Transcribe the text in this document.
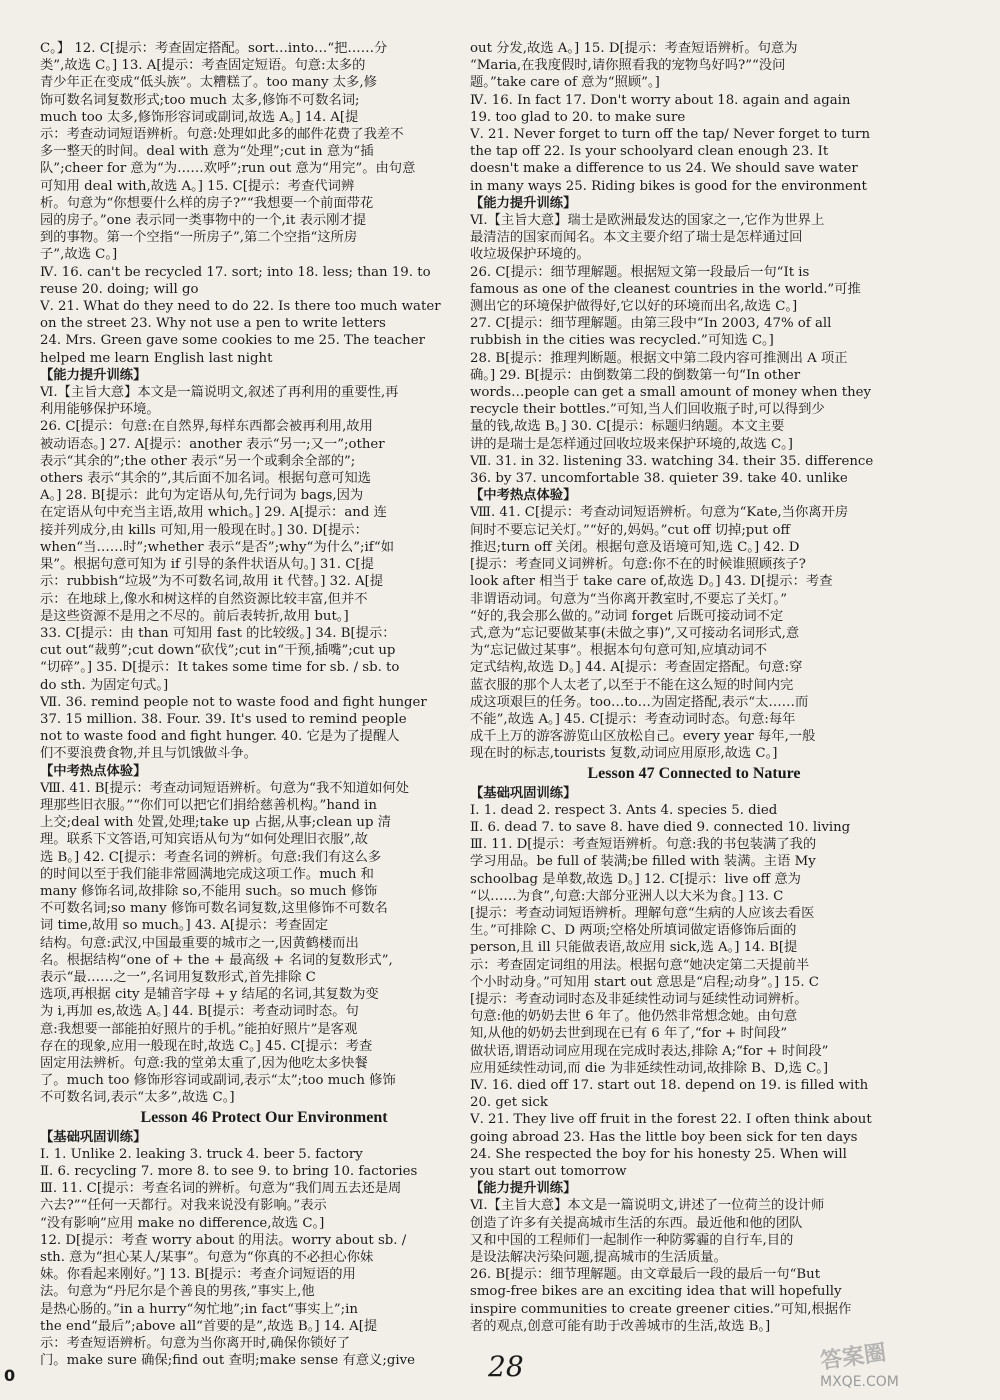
C。】 12. C[提示：考查固定搭配。sort…into…“把……分
类”,故选 C。] 13. A[提示：考查固定短语。句意:太多的
青少年正在变成“低头族”。太糟糕了。too many 太多,修
饰可数名词复数形式;too much 太多,修饰不可数名词;
much too 太多,修饰形容词或副词,故选 A。] 14. A[提
示：考查动词短语辨析。句意:处理如此多的邮件花费了我差不
多一整天的时间。deal with 意为“处理”;cut in 意为“插
队”;cheer for 意为“为……欢呼”;run out 意为“用完”。由句意
可知用 deal with,故选 A。] 15. C[提示：考查代词辨
析。句意为“你想要什么样的房子?”“我想要一个前面带花
园的房子。”one 表示同一类事物中的一个,it 表示刚才提
到的事物。第一个空指“一所房子”,第二个空指“这所房
子”,故选 C。]
Ⅳ. 16. can't be recycled 17. sort; into 18. less; than 19. to
reuse 20. doing; will go
Ⅴ. 21. What do they need to do 22. Is there too much water
on the street 23. Why not use a pen to write letters
24. Mrs. Green gave some cookies to me 25. The teacher
helped me learn English last night
【能力提升训练】
Ⅵ.【主旨大意】本文是一篇说明文,叙述了再利用的重要性,再
利用能够保护环境。
26. C[提示：句意:在自然界,每样东西都会被再利用,故用
被动语态。] 27. A[提示：another 表示“另一;又一”;other
表示“其余的”;the other 表示“另一个或剩余全部的”;
others 表示“其余的”,其后面不加名词。根据句意可知选
A。] 28. B[提示：此句为定语从句,先行词为 bags,因为
在定语从句中充当主语,故用 which。] 29. A[提示：and 连
接并列成分,由 kills 可知,用一般现在时。] 30. D[提示：
when“当……时”;whether 表示“是否”;why“为什么”;if“如
果”。根据句意可知为 if 引导的条件状语从句。] 31. C[提
示：rubbish“垃圾”为不可数名词,故用 it 代替。] 32. A[提
示：在地球上,像水和树这样的自然资源比较丰富,但并不
是这些资源不是用之不尽的。前后表转折,故用 but。]
33. C[提示：由 than 可知用 fast 的比较级。] 34. B[提示：
cut out“裁剪”;cut down“砍伐”;cut in“干预,插嘴”;cut up
“切碎”。] 35. D[提示：It takes some time for sb. / sb. to
do sth. 为固定句式。]
Ⅶ. 36. remind people not to waste food and fight hunger
37. 15 million. 38. Four. 39. It's used to remind people
not to waste food and fight hunger. 40. 它是为了提醒人
们不要浪费食物,并且与饥饿做斗争。
【中考热点体验】
Ⅷ. 41. B[提示：考查动词短语辨析。句意为“我不知道如何处
理那些旧衣服。”“你们可以把它们捐给慈善机构。”hand in
上交;deal with 处置,处理;take up 占据,从事;clean up 清
理。联系下文答语,可知宾语从句为“如何处理旧衣服”,故
选 B。] 42. C[提示：考查名词的辨析。句意:我们有这么多
的时间以至于我们能非常圆满地完成这项工作。much 和
many 修饰名词,故排除 so,不能用 such。so much 修饰
不可数名词;so many 修饰可数名词复数,这里修饰不可数名
词 time,故用 so much。] 43. A[提示：考查固定
结构。句意:武汉,中国最重要的城市之一,因黄鹤楼而出
名。根据结构“one of + the + 最高级 + 名词的复数形式”,
表示“最……之一”,名词用复数形式,首先排除 C
选项,再根据 city 是辅音字母 + y 结尾的名词,其复数为变
为 i,再加 es,故选 A。] 44. B[提示：考查动词时态。句
意:我想要一部能拍好照片的手机。”能拍好照片”是客观
存在的现象,应用一般现在时,故选 C。] 45. C[提示：考查
固定用法辨析。句意:我的堂弟太重了,因为他吃太多快餐
了。much too 修饰形容词或副词,表示“太”;too much 修饰
不可数名词,表示“太多”,故选 C。]
Lesson 46 Protect Our Environment
【基础巩固训练】
Ⅰ. 1. Unlike 2. leaking 3. truck 4. beer 5. factory
Ⅱ. 6. recycling 7. more 8. to see 9. to bring 10. factories
Ⅲ. 11. C[提示：考查名词的辨析。句意为“我们周五去还是周
六去?”“任何一天都行。对我来说没有影响。”表示
“没有影响”应用 make no difference,故选 C。]
12. D[提示：考查 worry about 的用法。worry about sb. /
sth. 意为“担心某人/某事”。句意为“你真的不必担心你妹
妹。你看起来刚好。”] 13. B[提示：考查介词短语的用
法。句意为“丹尼尔是个善良的男孩,”事实上,他
是热心肠的。”in a hurry“匆忙地”;in fact“事实上”;in
the end“最后”;above all“首要的是”,故选 B。] 14. A[提
示：考查短语辨析。句意为当你离开时,确保你锁好了
门。make sure 确保;find out 查明;make sense 有意义;give
out 分发,故选 A。] 15. D[提示：考查短语辨析。句意为
“Maria,在我度假时,请你照看我的宠物鸟好吗?”“没问
题。”take care of 意为“照顾”。]
Ⅳ. 16. In fact 17. Don't worry about 18. again and again
19. too glad to 20. to make sure
Ⅴ. 21. Never forget to turn off the tap/ Never forget to turn
the tap off 22. Is your schoolyard clean enough 23. It
doesn't make a difference to us 24. We should save water
in many ways 25. Riding bikes is good for the environment
【能力提升训练】
Ⅵ.【主旨大意】瑞士是欧洲最发达的国家之一,它作为世界上
最清洁的国家而闻名。本文主要介绍了瑞士是怎样通过回
收垃圾保护环境的。
26. C[提示：细节理解题。根据短文第一段最后一句“It is
famous as one of the cleanest countries in the world.”可推
测出它的环境保护做得好,它以好的环境而出名,故选 C。]
27. C[提示：细节理解题。由第三段中“In 2003, 47% of all
rubbish in the cities was recycled.”可知选 C。]
28. B[提示：推理判断题。根据文中第二段内容可推测出 A 项正
确。] 29. B[提示：由倒数第二段的倒数第一句“In other
words…people can get a small amount of money when they
recycle their bottles.”可知,当人们回收瓶子时,可以得到少
量的钱,故选 B。] 30. C[提示：标题归纳题。本文主要
讲的是瑞士是怎样通过回收垃圾来保护环境的,故选 C。]
Ⅶ. 31. in 32. listening 33. watching 34. their 35. difference
36. by 37. uncomfortable 38. quieter 39. take 40. unlike
【中考热点体验】
Ⅷ. 41. C[提示：考查动词短语辨析。句意为“Kate,当你离开房
间时不要忘记关灯。”“好的,妈妈。”cut off 切掉;put off
推迟;turn off 关闭。根据句意及语境可知,选 C。] 42. D
[提示：考查同义词辨析。句意:你不在的时候谁照顾孩子?
look after 相当于 take care of,故选 D。] 43. D[提示：考查
非谓语动词。句意为“当你离开教室时,不要忘了关灯。”
“好的,我会那么做的。”动词 forget 后既可接动词不定
式,意为“忘记要做某事(未做之事)”,又可接动名词形式,意
为“忘记做过某事”。根据本句句意可知,应填动词不
定式结构,故选 D。] 44. A[提示：考查固定搭配。句意:穿
蓝衣服的那个人太老了,以至于不能在这么短的时间内完
成这项艰巨的任务。too…to…为固定搭配,表示“太……而
不能”,故选 A。] 45. C[提示：考查动词时态。句意:每年
成千上万的游客游览山区放松自己。every year 每年,一般
现在时的标志,tourists 复数,动词应用原形,故选 C。]
Lesson 47 Connected to Nature
【基础巩固训练】
Ⅰ. 1. dead 2. respect 3. Ants 4. species 5. died
Ⅱ. 6. dead 7. to save 8. have died 9. connected 10. living
Ⅲ. 11. D[提示：考查短语辨析。句意:我的书包装满了我的
学习用品。be full of 装满;be filled with 装满。主语 My
schoolbag 是单数,故选 D。] 12. C[提示：live off 意为
“以……为食”,句意:大部分亚洲人以大米为食。] 13. C
[提示：考查动词短语辨析。理解句意“生病的人应该去看医
生。”可排除 C、D 两项;空格处所填词做定语修饰后面的
person,且 ill 只能做表语,故应用 sick,选 A。] 14. B[提
示：考查固定词组的用法。根据句意“她决定第二天提前半
个小时动身。”可知用 start out 意思是“启程;动身”。] 15. C
[提示：考查动词时态及非延续性动词与延续性动词辨析。
句意:他的奶奶去世 6 年了。他仍然非常想念她。由句意
知,从他的奶奶去世到现在已有 6 年了,“for + 时间段”
做状语,谓语动词应用现在完成时表达,排除 A;“for + 时间段”
应用延续性动词,而 die 为非延续性动词,故排除 B、D,选 C。]
Ⅳ. 16. died off 17. start out 18. depend on 19. is filled with
20. get sick
Ⅴ. 21. They live off fruit in the forest 22. I often think about
going abroad 23. Has the little boy been sick for ten days
24. She respected the boy for his honesty 25. When will
you start out tomorrow
【能力提升训练】
Ⅵ.【主旨大意】本文是一篇说明文,讲述了一位荷兰的设计师
创造了许多有关提高城市生活的东西。最近他和他的团队
又和中国的工程师们一起制作一种防雾霾的自行车,目的
是设法解决污染问题,提高城市的生活质量。
26. B[提示：细节理解题。由文章最后一段的最后一句“But
smog-free bikes are an exciting idea that will hopefully
inspire communities to create greener cities.”可知,根据作
者的观点,创意可能有助于改善城市的生活,故选 B。]
0	28	答案圈
MXQE.COM
